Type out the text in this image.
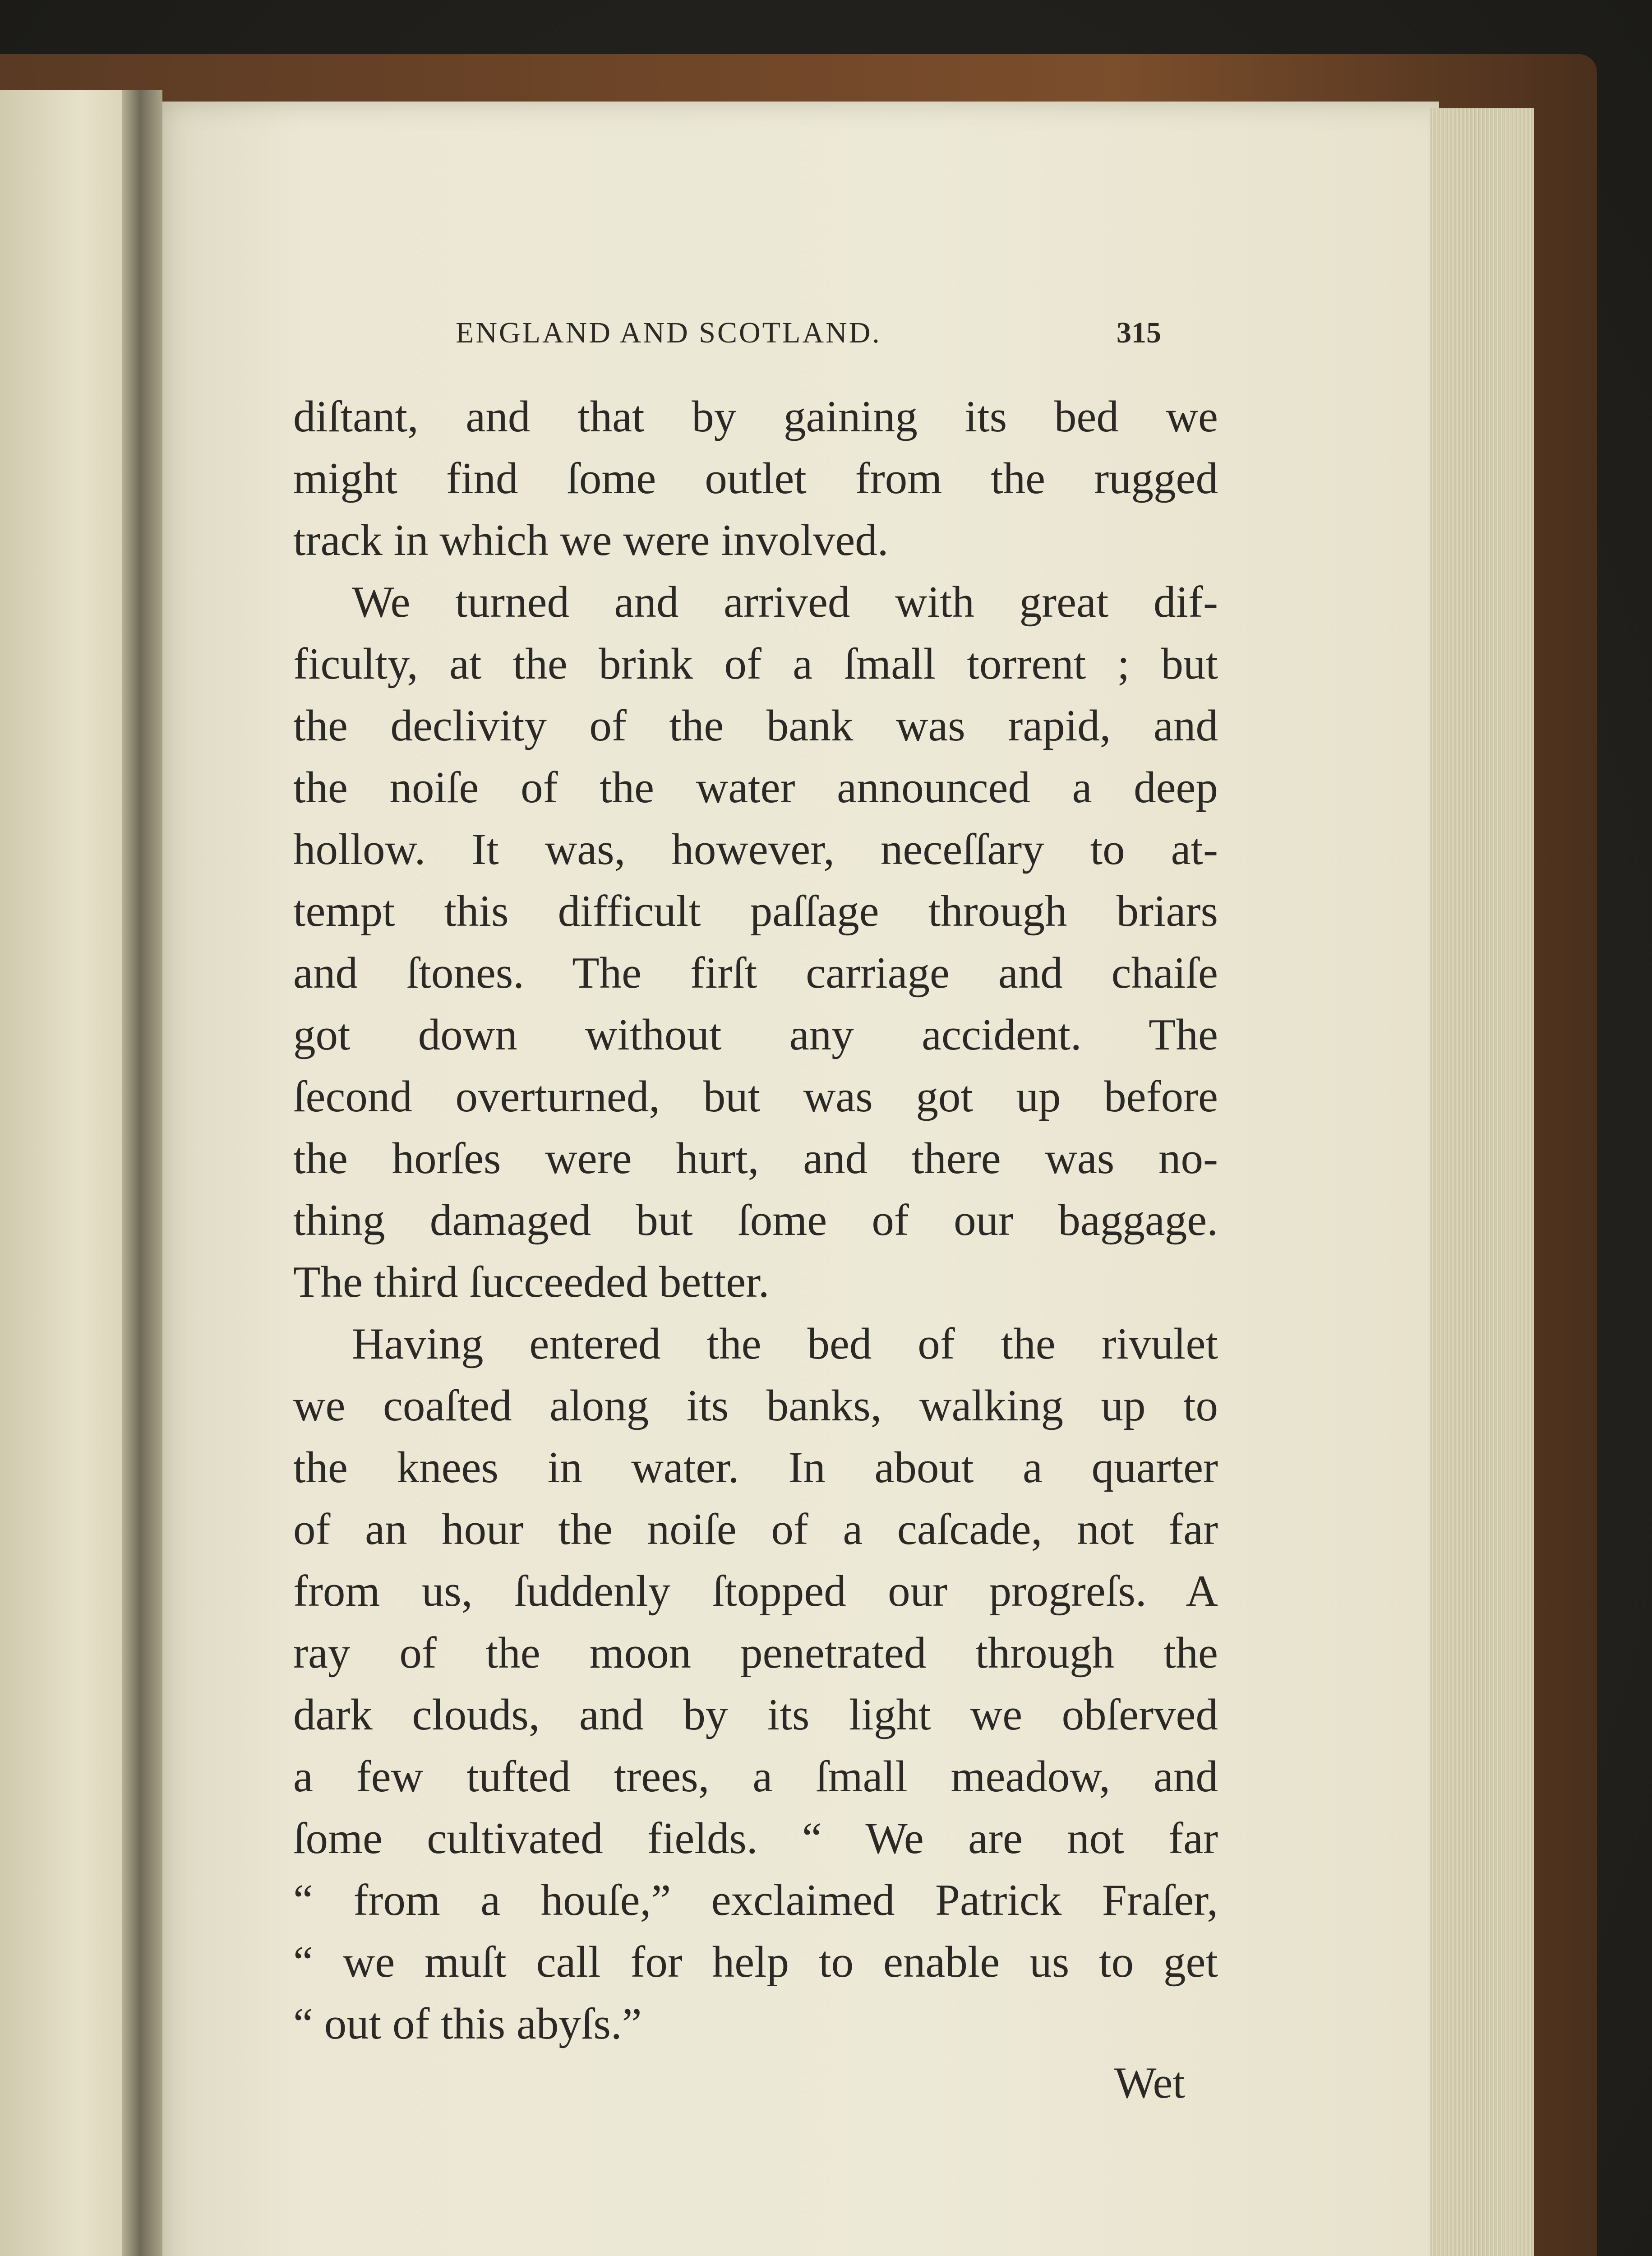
ENGLAND AND SCOTLAND.	315
diſtant, and that by gaining its bed we
might find ſome outlet from the rugged
track in which we were involved.
We turned and arrived with great dif-
ficulty, at the brink of a ſmall torrent ; but
the declivity of the bank was rapid, and
the noiſe of the water announced a deep
hollow. It was, however, neceſſary to at-
tempt this difficult paſſage through briars
and ſtones. The firſt carriage and chaiſe
got down without any accident. The
ſecond overturned, but was got up before
the horſes were hurt, and there was no-
thing damaged but ſome of our baggage.
The third ſucceeded better.
Having entered the bed of the rivulet
we coaſted along its banks, walking up to
the knees in water. In about a quarter
of an hour the noiſe of a caſcade, not far
from us, ſuddenly ſtopped our progreſs. A
ray of the moon penetrated through the
dark clouds, and by its light we obſerved
a few tufted trees, a ſmall meadow, and
ſome cultivated fields. “ We are not far
“ from a houſe,” exclaimed Patrick Fraſer,
“ we muſt call for help to enable us to get
“ out of this abyſs.”
Wet
